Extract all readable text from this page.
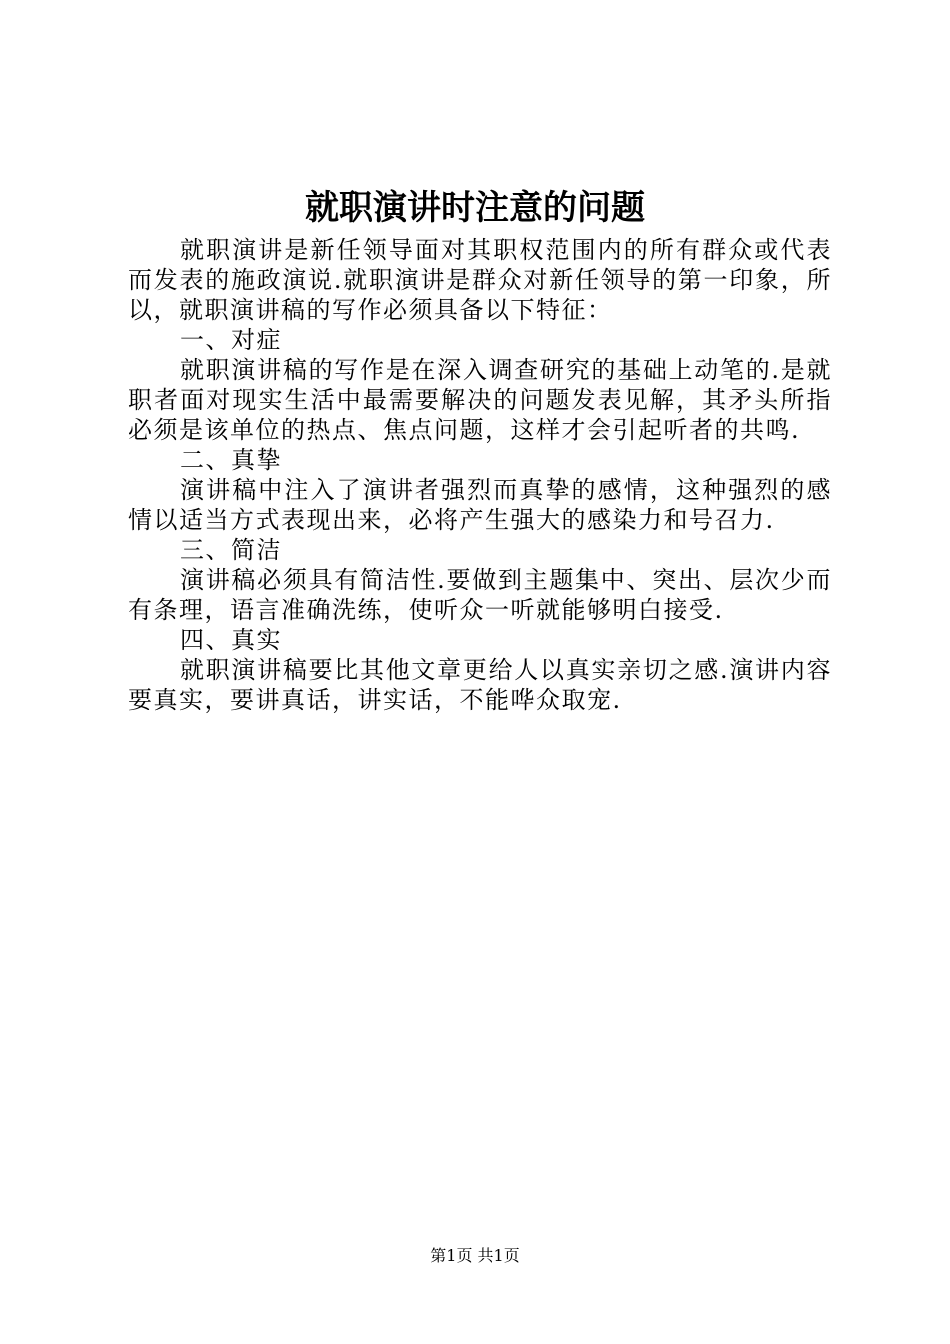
就职演讲时注意的问题

就职演讲是新任领导面对其职权范围内的所有群众或代表而发表的施政演说.就职演讲是群众对新任领导的第一印象，所以，就职演讲稿的写作必须具备以下特征：

一、对症

就职演讲稿的写作是在深入调查研究的基础上动笔的.是就职者面对现实生活中最需要解决的问题发表见解，其矛头所指必须是该单位的热点、焦点问题，这样才会引起听者的共鸣.

二、真挚

演讲稿中注入了演讲者强烈而真挚的感情，这种强烈的感情以适当方式表现出来，必将产生强大的感染力和号召力.

三、简洁

演讲稿必须具有简洁性.要做到主题集中、突出、层次少而有条理，语言准确洗练，使听众一听就能够明白接受.

四、真实

就职演讲稿要比其他文章更给人以真实亲切之感.演讲内容要真实，要讲真话，讲实话，不能哗众取宠.

第1页 共1页
